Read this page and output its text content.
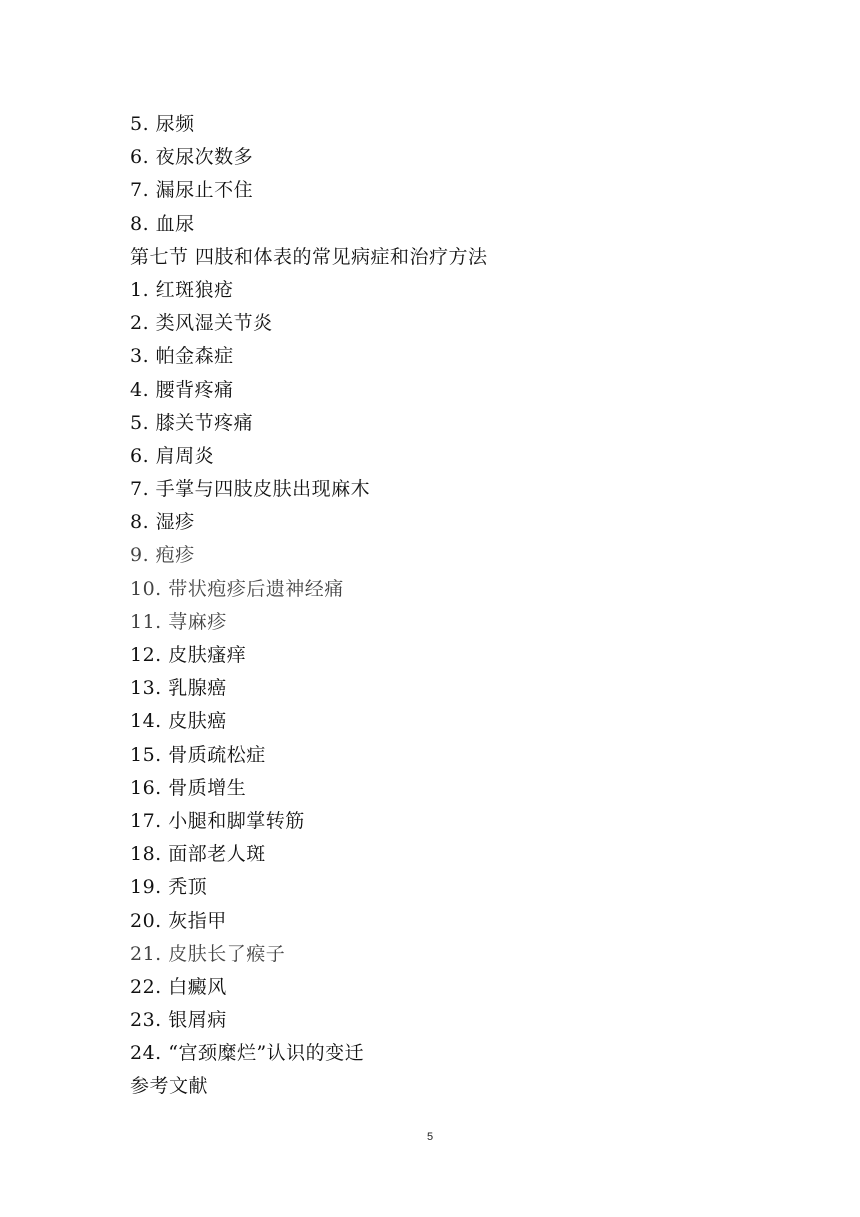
5. 尿频
6. 夜尿次数多
7. 漏尿止不住
8. 血尿
第七节 四肢和体表的常见病症和治疗方法
1. 红斑狼疮
2. 类风湿关节炎
3. 帕金森症
4. 腰背疼痛
5. 膝关节疼痛
6. 肩周炎
7. 手掌与四肢皮肤出现麻木
8. 湿疹
9. 疱疹
10. 带状疱疹后遗神经痛
11. 荨麻疹
12. 皮肤瘙痒
13. 乳腺癌
14. 皮肤癌
15. 骨质疏松症
16. 骨质增生
17. 小腿和脚掌转筋
18. 面部老人斑
19. 秃顶
20. 灰指甲
21. 皮肤长了瘊子
22. 白癜风
23. 银屑病
24. “宫颈糜烂”认识的变迁
参考文献
5
